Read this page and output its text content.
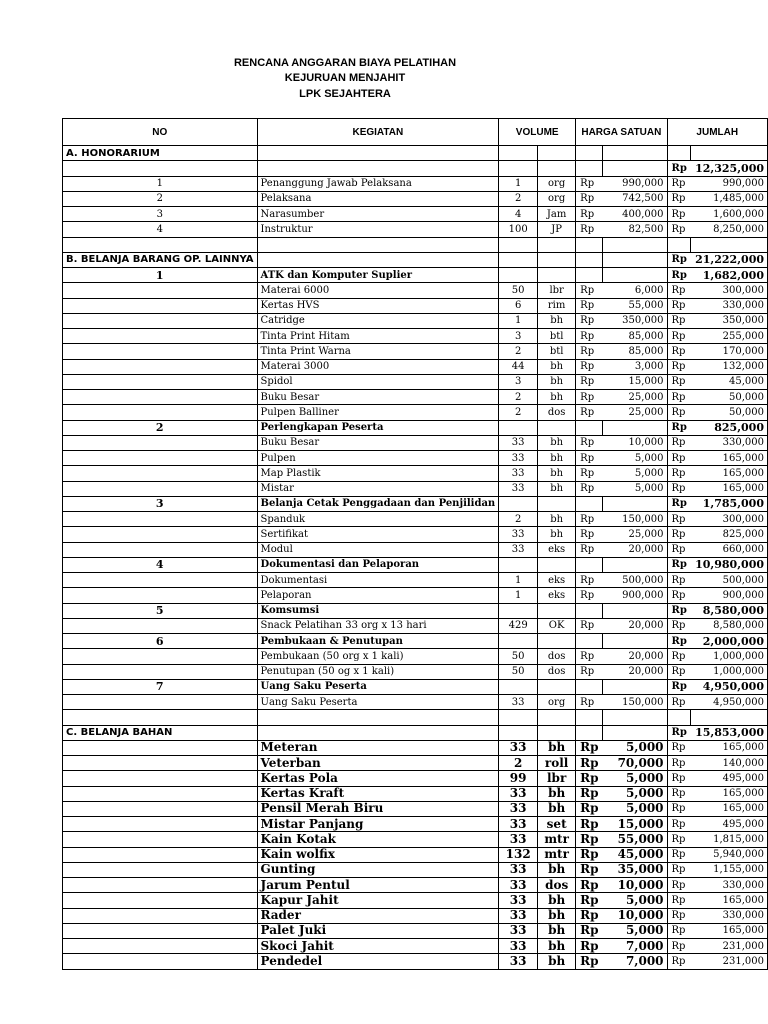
RENCANA ANGGARAN BIAYA PELATIHAN
KEJURUAN MENJAHIT
LPK SEJAHTERA
NO	KEGIATAN	VOLUME		HARGA SATUAN		JUMLAH	
A. HONORARIUM							
						Rp	12,325,000
1	Penanggung Jawab Pelaksana	1	org	Rp	990,000	Rp	990,000
2	Pelaksana	2	org	Rp	742,500	Rp	1,485,000
3	Narasumber	4	Jam	Rp	400,000	Rp	1,600,000
4	Instruktur	100	JP	Rp	82,500	Rp	8,250,000

B. BELANJA BARANG OP. LAINNYA						Rp	21,222,000
1	ATK dan Komputer Suplier					Rp	1,682,000
	Materai 6000	50	lbr	Rp	6,000	Rp	300,000
	Kertas HVS	6	rim	Rp	55,000	Rp	330,000
	Catridge	1	bh	Rp	350,000	Rp	350,000
	Tinta Print Hitam	3	btl	Rp	85,000	Rp	255,000
	Tinta Print Warna	2	btl	Rp	85,000	Rp	170,000
	Materai 3000	44	bh	Rp	3,000	Rp	132,000
	Spidol	3	bh	Rp	15,000	Rp	45,000
	Buku Besar	2	bh	Rp	25,000	Rp	50,000
	Pulpen Balliner	2	dos	Rp	25,000	Rp	50,000
2	Perlengkapan Peserta					Rp	825,000
	Buku Besar	33	bh	Rp	10,000	Rp	330,000
	Pulpen	33	bh	Rp	5,000	Rp	165,000
	Map Plastik	33	bh	Rp	5,000	Rp	165,000
	Mistar	33	bh	Rp	5,000	Rp	165,000
3	Belanja Cetak Penggadaan dan Penjilidan					Rp	1,785,000
	Spanduk	2	bh	Rp	150,000	Rp	300,000
	Sertifikat	33	bh	Rp	25,000	Rp	825,000
	Modul	33	eks	Rp	20,000	Rp	660,000
4	Dokumentasi dan Pelaporan					Rp	10,980,000
	Dokumentasi	1	eks	Rp	500,000	Rp	500,000
	Pelaporan	1	eks	Rp	900,000	Rp	900,000
5	Komsumsi					Rp	8,580,000
	Snack Pelatihan 33 org x 13 hari	429	OK	Rp	20,000	Rp	8,580,000
6	Pembukaan & Penutupan					Rp	2,000,000
	Pembukaan (50 org x 1 kali)	50	dos	Rp	20,000	Rp	1,000,000
	Penutupan (50 og x 1 kali)	50	dos	Rp	20,000	Rp	1,000,000
7	Uang Saku Peserta					Rp	4,950,000
	Uang Saku Peserta	33	org	Rp	150,000	Rp	4,950,000

C. BELANJA BAHAN						Rp	15,853,000
	Meteran	33	bh	Rp	5,000	Rp	165,000
	Veterban	2	roll	Rp	70,000	Rp	140,000
	Kertas Pola	99	lbr	Rp	5,000	Rp	495,000
	Kertas Kraft	33	bh	Rp	5,000	Rp	165,000
	Pensil Merah Biru	33	bh	Rp	5,000	Rp	165,000
	Mistar Panjang	33	set	Rp	15,000	Rp	495,000
	Kain Kotak	33	mtr	Rp	55,000	Rp	1,815,000
	Kain wolfix	132	mtr	Rp	45,000	Rp	5,940,000
	Gunting	33	bh	Rp	35,000	Rp	1,155,000
	Jarum Pentul	33	dos	Rp	10,000	Rp	330,000
	Kapur Jahit	33	bh	Rp	5,000	Rp	165,000
	Rader	33	bh	Rp	10,000	Rp	330,000
	Palet Juki	33	bh	Rp	5,000	Rp	165,000
	Skoci Jahit	33	bh	Rp	7,000	Rp	231,000
	Pendedel	33	bh	Rp	7,000	Rp	231,000
